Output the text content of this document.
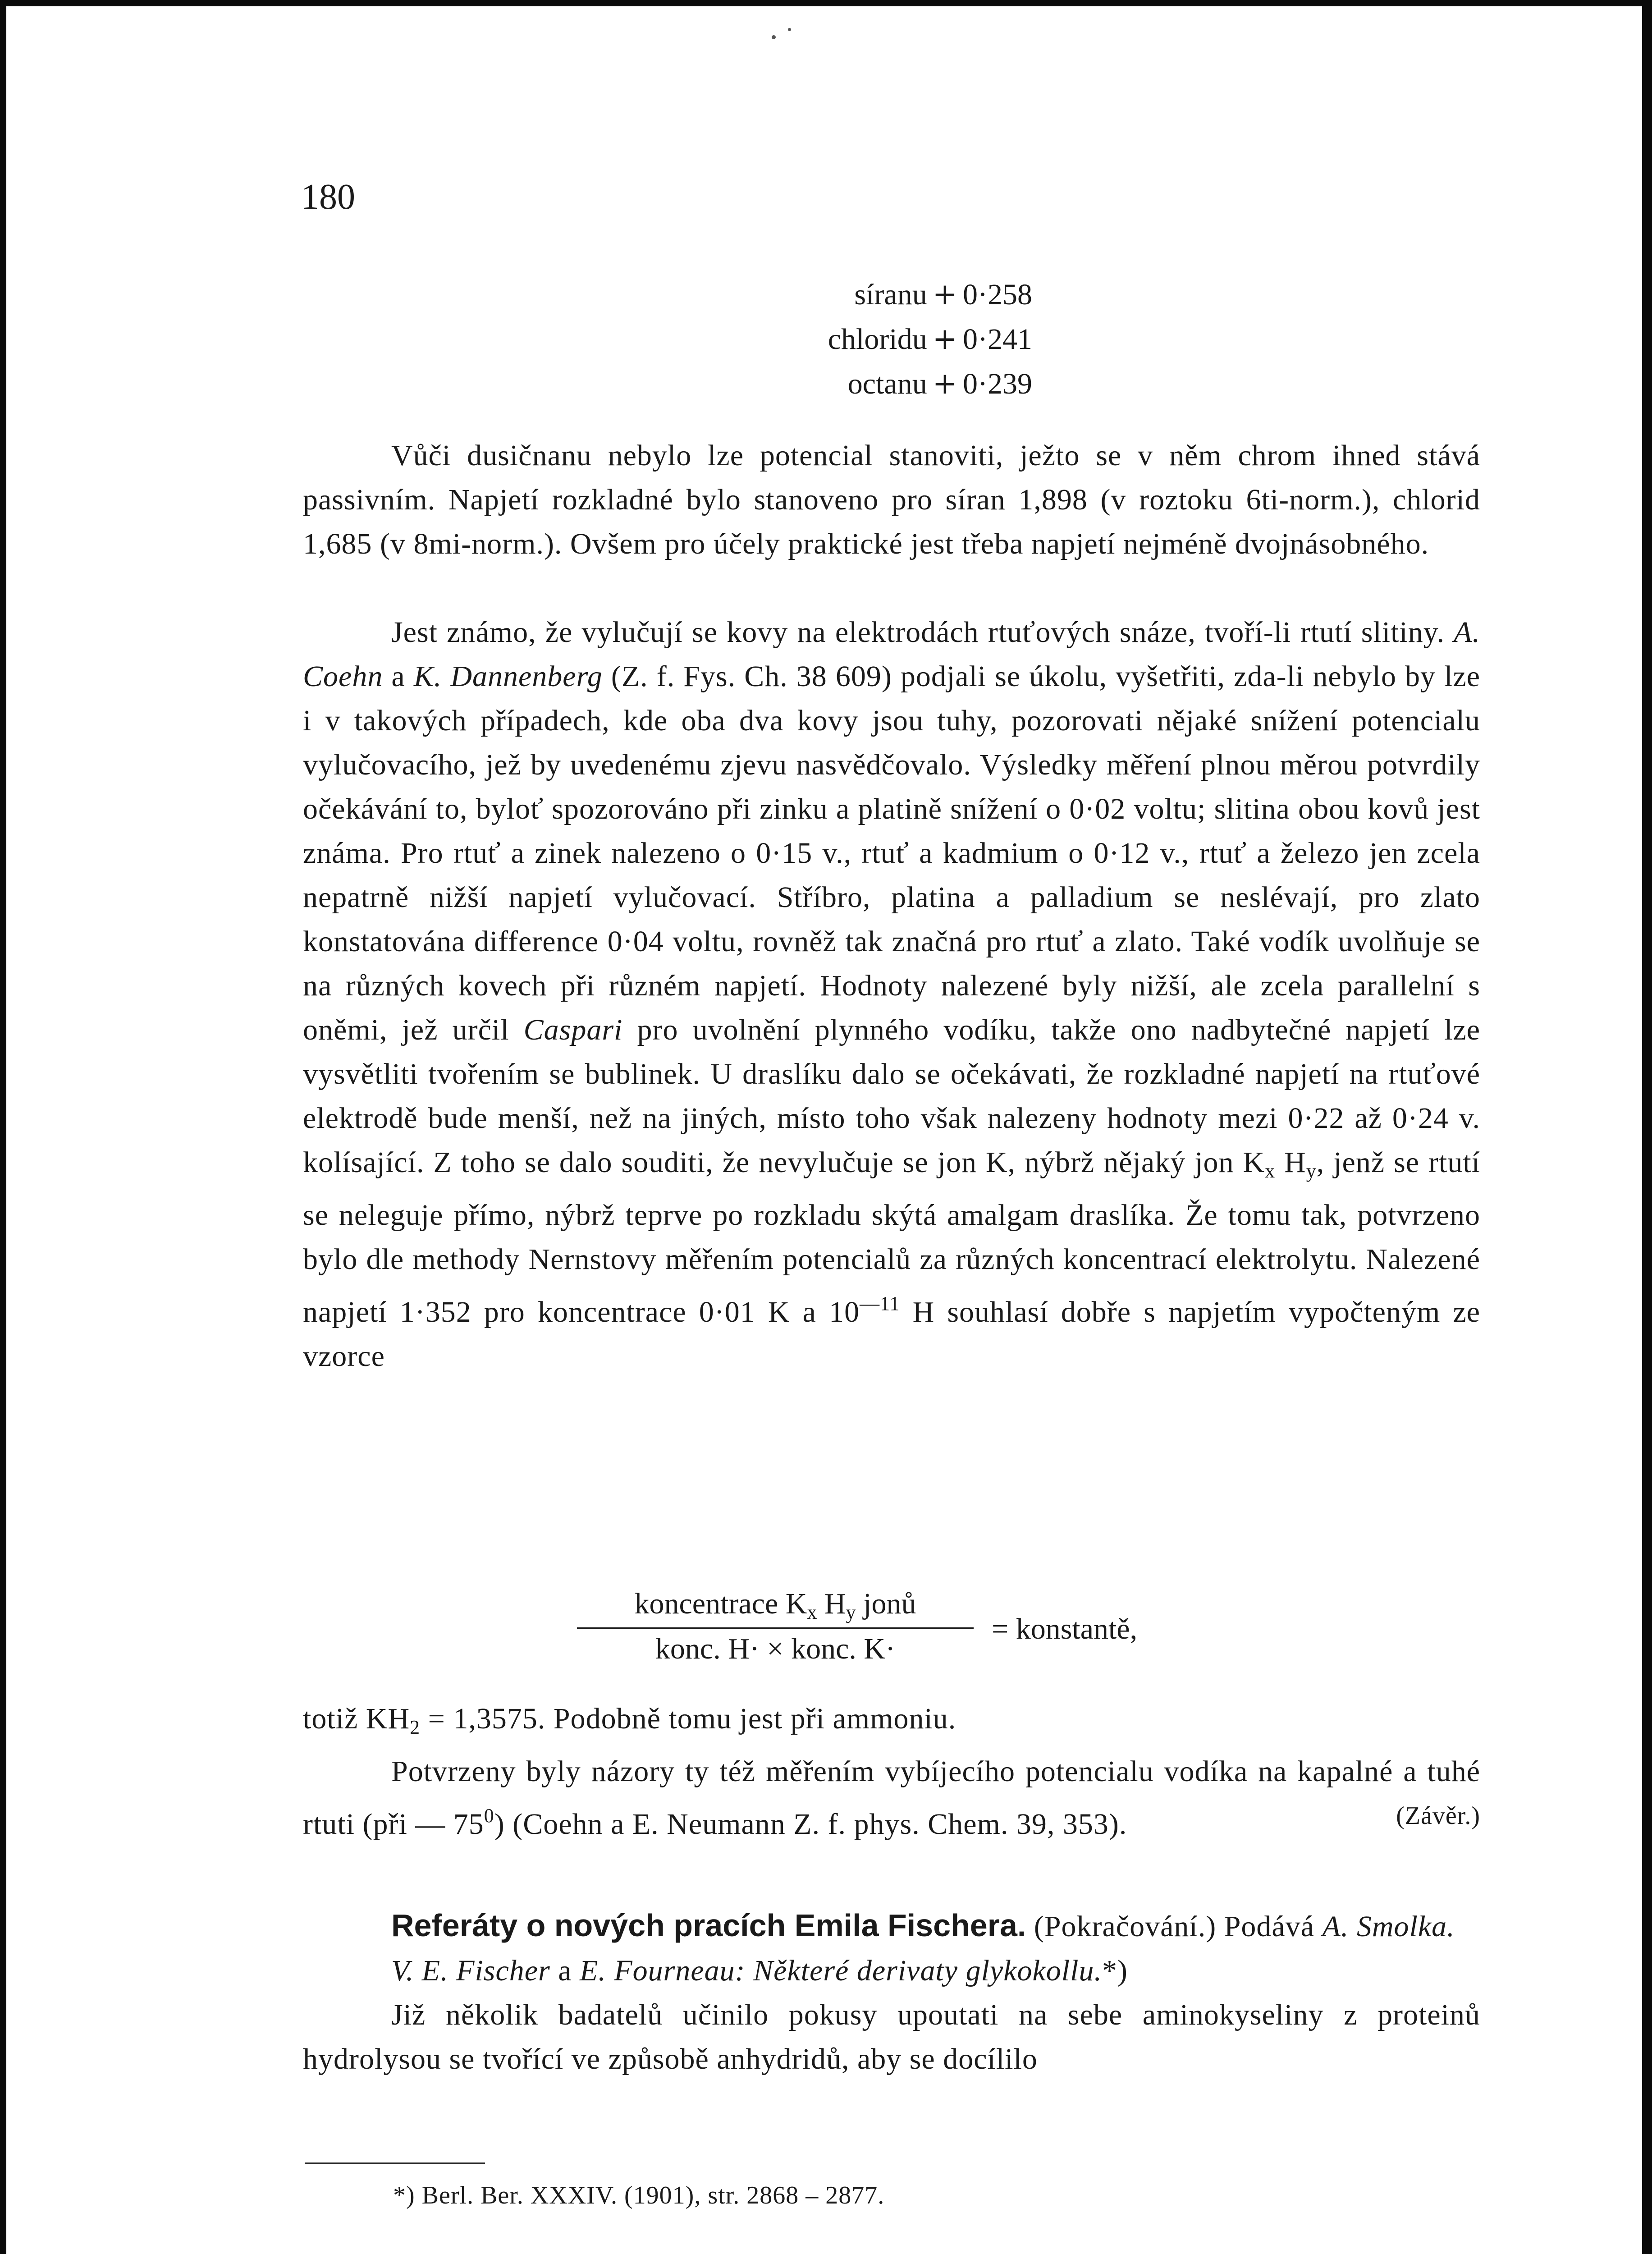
180
síranu + 0·258
chloridu + 0·241
octanu + 0·239

Vůči dusičnanu nebylo lze potencial stanoviti, ježto se v něm chrom ihned stává passivním. Napjetí rozkladné bylo stanoveno pro síran 1,898 (v roztoku 6ti-norm.), chlorid 1,685 (v 8mi-norm.). Ovšem pro účely praktické jest třeba napjetí nejméně dvojnásobného.

Jest známo, že vylučují se kovy na elektrodách rtuťových snáze, tvoří-li rtutí slitiny. A. Coehn a K. Dannenberg (Z. f. Fys. Ch. 38 609) podjali se úkolu, vyšetřiti, zda-li nebylo by lze i v takových případech, kde oba dva kovy jsou tuhy, pozorovati nějaké snížení potencialu vylučovacího, jež by uvedenému zjevu nasvědčovalo. Výsledky měření plnou měrou potvrdily očekávání to, byloť spozorováno při zinku a platině snížení o 0·02 voltu; slitina obou kovů jest známa. Pro rtuť a zinek nalezeno o 0·15 v., rtuť a kadmium o 0·12 v., rtuť a železo jen zcela nepatrně nižší napjetí vylučovací. Stříbro, platina a palladium se neslévají, pro zlato konstatována difference 0·04 voltu, rovněž tak značná pro rtuť a zlato. Také vodík uvolňuje se na různých kovech při různém napjetí. Hodnoty nalezené byly nižší, ale zcela parallelní s oněmi, jež určil Caspari pro uvolnění plynného vodíku, takže ono nadbytečné napjetí lze vysvětliti tvořením se bublinek. U draslíku dalo se očekávati, že rozkladné napjetí na rtuťové elektrodě bude menší, než na jiných, místo toho však nalezeny hodnoty mezi 0·22 až 0·24 v. kolísající. Z toho se dalo souditi, že nevylučuje se jon K, nýbrž nějaký jon $K_x$ $H_y$, jenž se rtutí se neleguje přímo, nýbrž teprve po rozkladu skýtá amalgam draslíka. Že tomu tak, potvrzeno bylo dle methody Nernstovy měřením potencialů za různých koncentrací elektrolytu. Nalezené napjetí 1·352 pro koncentrace 0·01 K a $10^{—11}$ H souhlasí dobře s napjetím vypočteným ze vzorce

koncentrace $K_x$ $H_y$ jonů
konc. H· × konc. K·
= konstantě,

totiž $KH_2 = 1,3575$. Podobně tomu jest při ammoniu.

Potvrzeny byly názory ty též měřením vybíjecího potencialu vodíka na kapalné a tuhé rtuti (při — $75^0$) (Coehn a E. Neumann Z. f. phys. Chem. 39, 353).	(Závěr.)

Referáty o nových pracích Emila Fischera. (Pokračování.) Podává A. Smolka.

V. E. Fischer a E. Fourneau: Některé derivaty glykokollu.*)

Již několik badatelů učinilo pokusy upoutati na sebe aminokyseliny z proteinů hydrolysou se tvořící ve způsobě anhydridů, aby se docílilo

*) Berl. Ber. XXXIV. (1901), str. 2868 – 2877.
